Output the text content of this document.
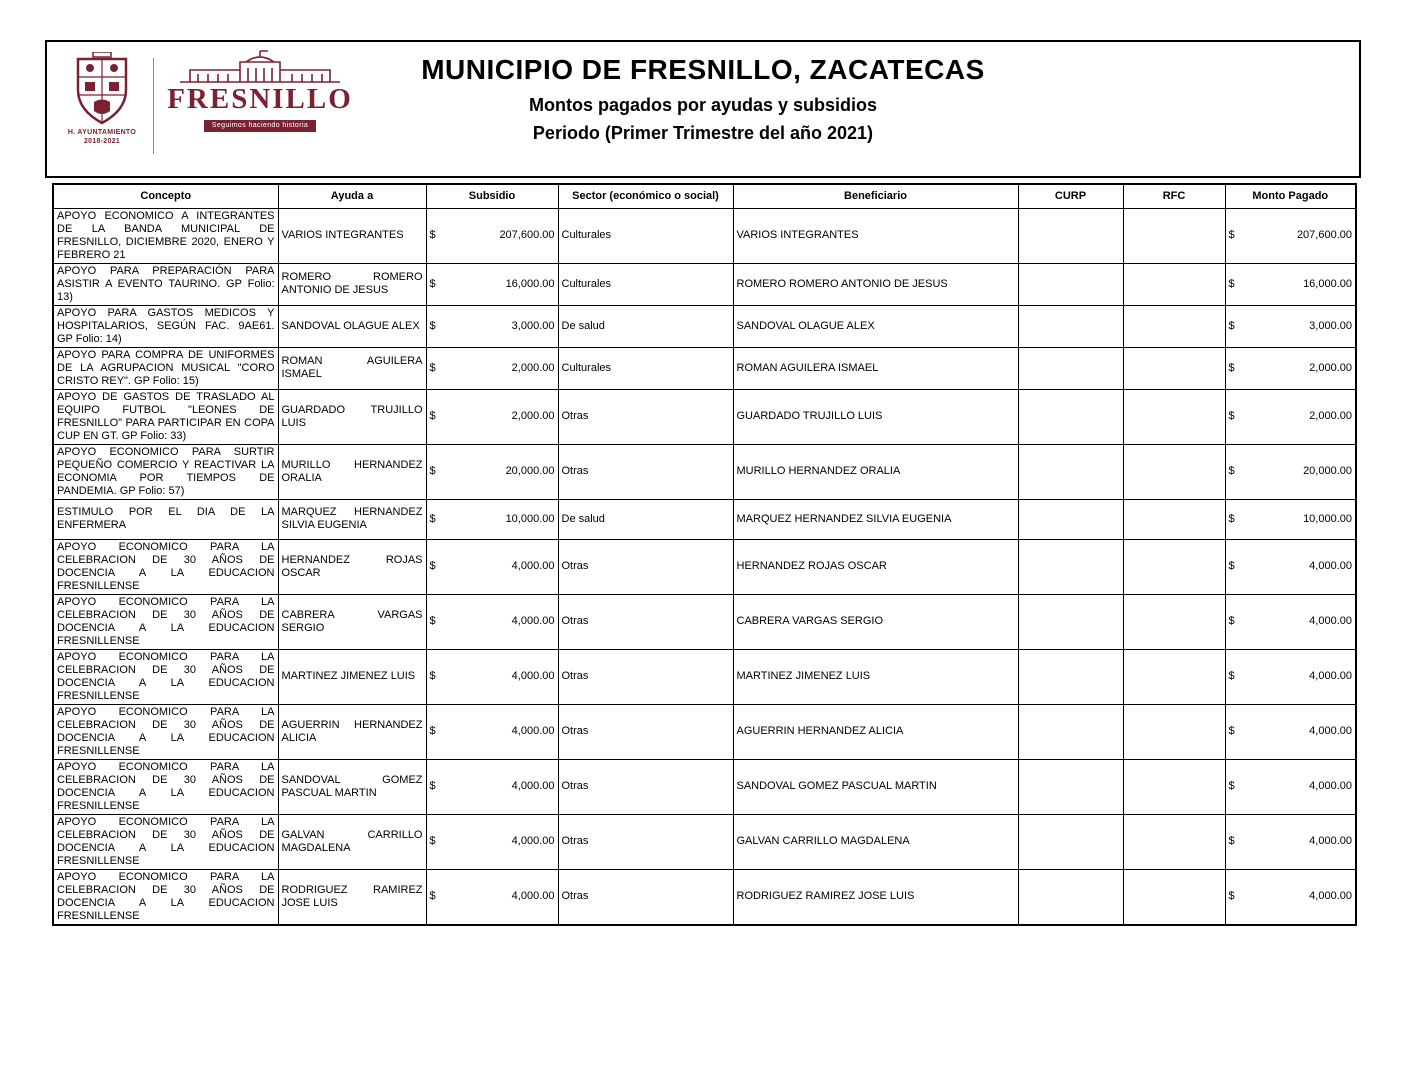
H. AYUNTAMIENTO
2018-2021
FRESNILLO
Seguimos haciendo historia
MUNICIPIO DE FRESNILLO, ZACATECAS
Montos pagados por ayudas y subsidios
Periodo (Primer Trimestre del año 2021)
Concepto	Ayuda a	Subsidio	Sector (económico o social)	Beneficiario	CURP	RFC	Monto Pagado
APOYO ECONOMICO A INTEGRANTES DE LA BANDA MUNICIPAL DE FRESNILLO, DICIEMBRE 2020, ENERO Y FEBRERO 21	VARIOS INTEGRANTES	$ 207,600.00	Culturales	VARIOS INTEGRANTES			$ 207,600.00

APOYO PARA PREPARACIÓN PARA ASISTIR A EVENTO TAURINO. GP Folio: 13)	ROMERO ROMERO ANTONIO DE JESUS	$ 16,000.00	Culturales	ROMERO ROMERO ANTONIO DE JESUS			$ 16,000.00

APOYO PARA GASTOS MEDICOS Y HOSPITALARIOS, SEGÚN FAC. 9AE61. GP Folio: 14)	SANDOVAL OLAGUE ALEX	$ 3,000.00	De salud	SANDOVAL OLAGUE ALEX			$ 3,000.00

APOYO PARA COMPRA DE UNIFORMES DE LA AGRUPACION MUSICAL "CORO CRISTO REY". GP Folio: 15)	ROMAN AGUILERA ISMAEL	$ 2,000.00	Culturales	ROMAN AGUILERA ISMAEL			$ 2,000.00

APOYO DE GASTOS DE TRASLADO AL EQUIPO FUTBOL "LEONES DE FRESNILLO" PARA PARTICIPAR EN COPA CUP EN GT. GP Folio: 33)	GUARDADO TRUJILLO LUIS	$ 2,000.00	Otras	GUARDADO TRUJILLO LUIS			$ 2,000.00

APOYO ECONOMICO PARA SURTIR PEQUEÑO COMERCIO Y REACTIVAR LA ECONOMIA POR TIEMPOS DE PANDEMIA. GP Folio: 57)	MURILLO HERNANDEZ ORALIA	$ 20,000.00	Otras	MURILLO HERNANDEZ ORALIA			$ 20,000.00

ESTIMULO POR EL DIA DE LA ENFERMERA	MARQUEZ HERNANDEZ SILVIA EUGENIA	$ 10,000.00	De salud	MARQUEZ HERNANDEZ SILVIA EUGENIA			$ 10,000.00

APOYO ECONOMICO PARA LA CELEBRACION DE 30 AÑOS DE DOCENCIA A LA EDUCACION FRESNILLENSE	HERNANDEZ ROJAS OSCAR	$ 4,000.00	Otras	HERNANDEZ ROJAS OSCAR			$ 4,000.00

APOYO ECONOMICO PARA LA CELEBRACION DE 30 AÑOS DE DOCENCIA A LA EDUCACION FRESNILLENSE	CABRERA VARGAS SERGIO	$ 4,000.00	Otras	CABRERA VARGAS SERGIO			$ 4,000.00

APOYO ECONOMICO PARA LA CELEBRACION DE 30 AÑOS DE DOCENCIA A LA EDUCACION FRESNILLENSE	MARTINEZ JIMENEZ LUIS	$ 4,000.00	Otras	MARTINEZ JIMENEZ LUIS			$ 4,000.00

APOYO ECONOMICO PARA LA CELEBRACION DE 30 AÑOS DE DOCENCIA A LA EDUCACION FRESNILLENSE	AGUERRIN HERNANDEZ ALICIA	$ 4,000.00	Otras	AGUERRIN HERNANDEZ ALICIA			$ 4,000.00

APOYO ECONOMICO PARA LA CELEBRACION DE 30 AÑOS DE DOCENCIA A LA EDUCACION FRESNILLENSE	SANDOVAL GOMEZ PASCUAL MARTIN	$ 4,000.00	Otras	SANDOVAL GOMEZ PASCUAL MARTIN			$ 4,000.00

APOYO ECONOMICO PARA LA CELEBRACION DE 30 AÑOS DE DOCENCIA A LA EDUCACION FRESNILLENSE	GALVAN CARRILLO MAGDALENA	$ 4,000.00	Otras	GALVAN CARRILLO MAGDALENA			$ 4,000.00

APOYO ECONOMICO PARA LA CELEBRACION DE 30 AÑOS DE DOCENCIA A LA EDUCACION FRESNILLENSE	RODRIGUEZ RAMIREZ JOSE LUIS	$ 4,000.00	Otras	RODRIGUEZ RAMIREZ JOSE LUIS			$ 4,000.00
